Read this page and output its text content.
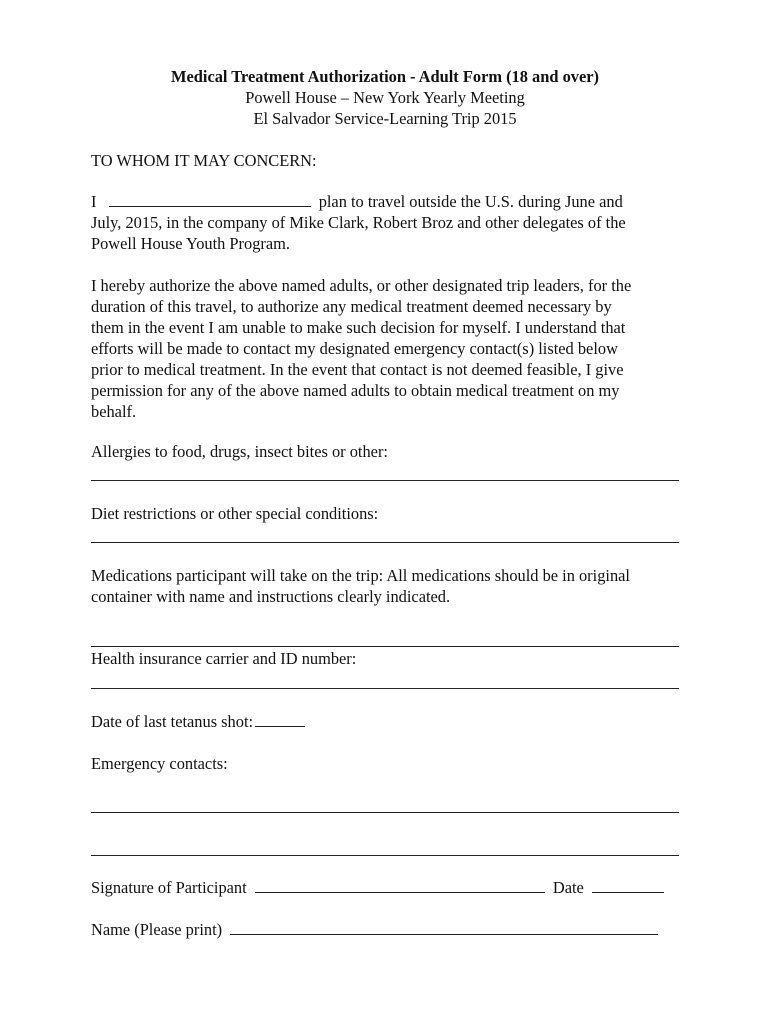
Medical Treatment Authorization - Adult Form (18 and over)
Powell House – New York Yearly Meeting
El Salvador Service-Learning Trip 2015
TO WHOM IT MAY CONCERN:
I	plan to travel outside the U.S. during June and
July, 2015, in the company of Mike Clark, Robert Broz and other delegates of the
Powell House Youth Program.
I hereby authorize the above named adults, or other designated trip leaders, for the
duration of this travel, to authorize any medical treatment deemed necessary by
them in the event I am unable to make such decision for myself. I understand that
efforts will be made to contact my designated emergency contact(s) listed below
prior to medical treatment. In the event that contact is not deemed feasible, I give
permission for any of the above named adults to obtain medical treatment on my
behalf.
Allergies to food, drugs, insect bites or other:
Diet restrictions or other special conditions:
Medications participant will take on the trip: All medications should be in original
container with name and instructions clearly indicated.
Health insurance carrier and ID number:
Date of last tetanus shot:
Emergency contacts:
Signature of Participant	Date
Name (Please print)
